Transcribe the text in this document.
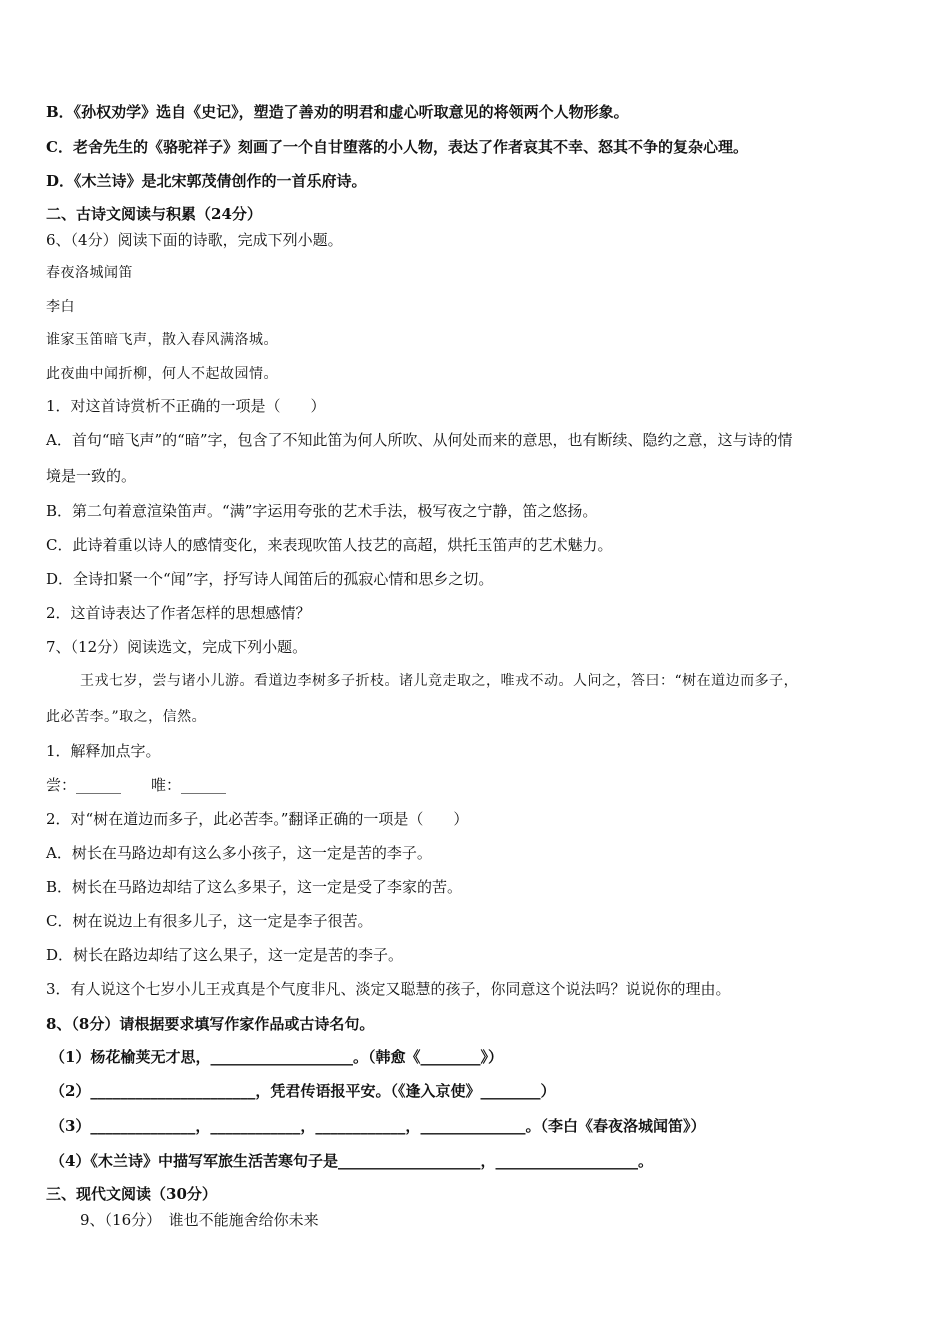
B．《孙权劝学》选自《史记》，塑造了善劝的明君和虚心听取意见的将领两个人物形象。
C．老舍先生的《骆驼祥子》刻画了一个自甘堕落的小人物，表达了作者哀其不幸、怒其不争的复杂心理。
D．《木兰诗》是北宋郭茂倩创作的一首乐府诗。
二、古诗文阅读与积累（24分）
6、（4分）阅读下面的诗歌，完成下列小题。
春夜洛城闻笛
李白
谁家玉笛暗飞声，散入春风满洛城。
此夜曲中闻折柳，何人不起故园情。
1．对这首诗赏析不正确的一项是（　　）
A．首句“暗飞声”的“暗”字，包含了不知此笛为何人所吹、从何处而来的意思，也有断续、隐约之意，这与诗的情
境是一致的。
B．第二句着意渲染笛声。“满”字运用夸张的艺术手法，极写夜之宁静，笛之悠扬。
C．此诗着重以诗人的感情变化，来表现吹笛人技艺的高超，烘托玉笛声的艺术魅力。
D．全诗扣紧一个“闻”字，抒写诗人闻笛后的孤寂心情和思乡之切。
2．这首诗表达了作者怎样的思想感情？
7、（12分）阅读选文，完成下列小题。
王戎七岁，尝与诸小儿游。看道边李树多子折枝。诸儿竞走取之，唯戎不动。人问之，答曰：“树在道边而多子，
此必苦李。”取之，信然。
1．解释加点字。
尝：______　　唯：______
2．对“树在道边而多子，此必苦李。”翻译正确的一项是（　　）
A．树长在马路边却有这么多小孩子，这一定是苦的李子。
B．树长在马路边却结了这么多果子，这一定是受了李家的苦。
C．树在说边上有很多儿子，这一定是李子很苦。
D．树长在路边却结了这么果子，这一定是苦的李子。
3．有人说这个七岁小儿王戎真是个气度非凡、淡定又聪慧的孩子，你同意这个说法吗？说说你的理由。
8、（8分）请根据要求填写作家作品或古诗名句。
（1）杨花榆荚无才思，___________________。（韩愈《________》）
（2）______________________，凭君传语报平安。（《逢入京使》________）
（3）______________，____________，____________，______________。（李白《春夜洛城闻笛》）
（4）《木兰诗》中描写军旅生活苦寒句子是___________________，___________________。
三、现代文阅读（30分）
9、（16分）　谁也不能施舍给你未来
